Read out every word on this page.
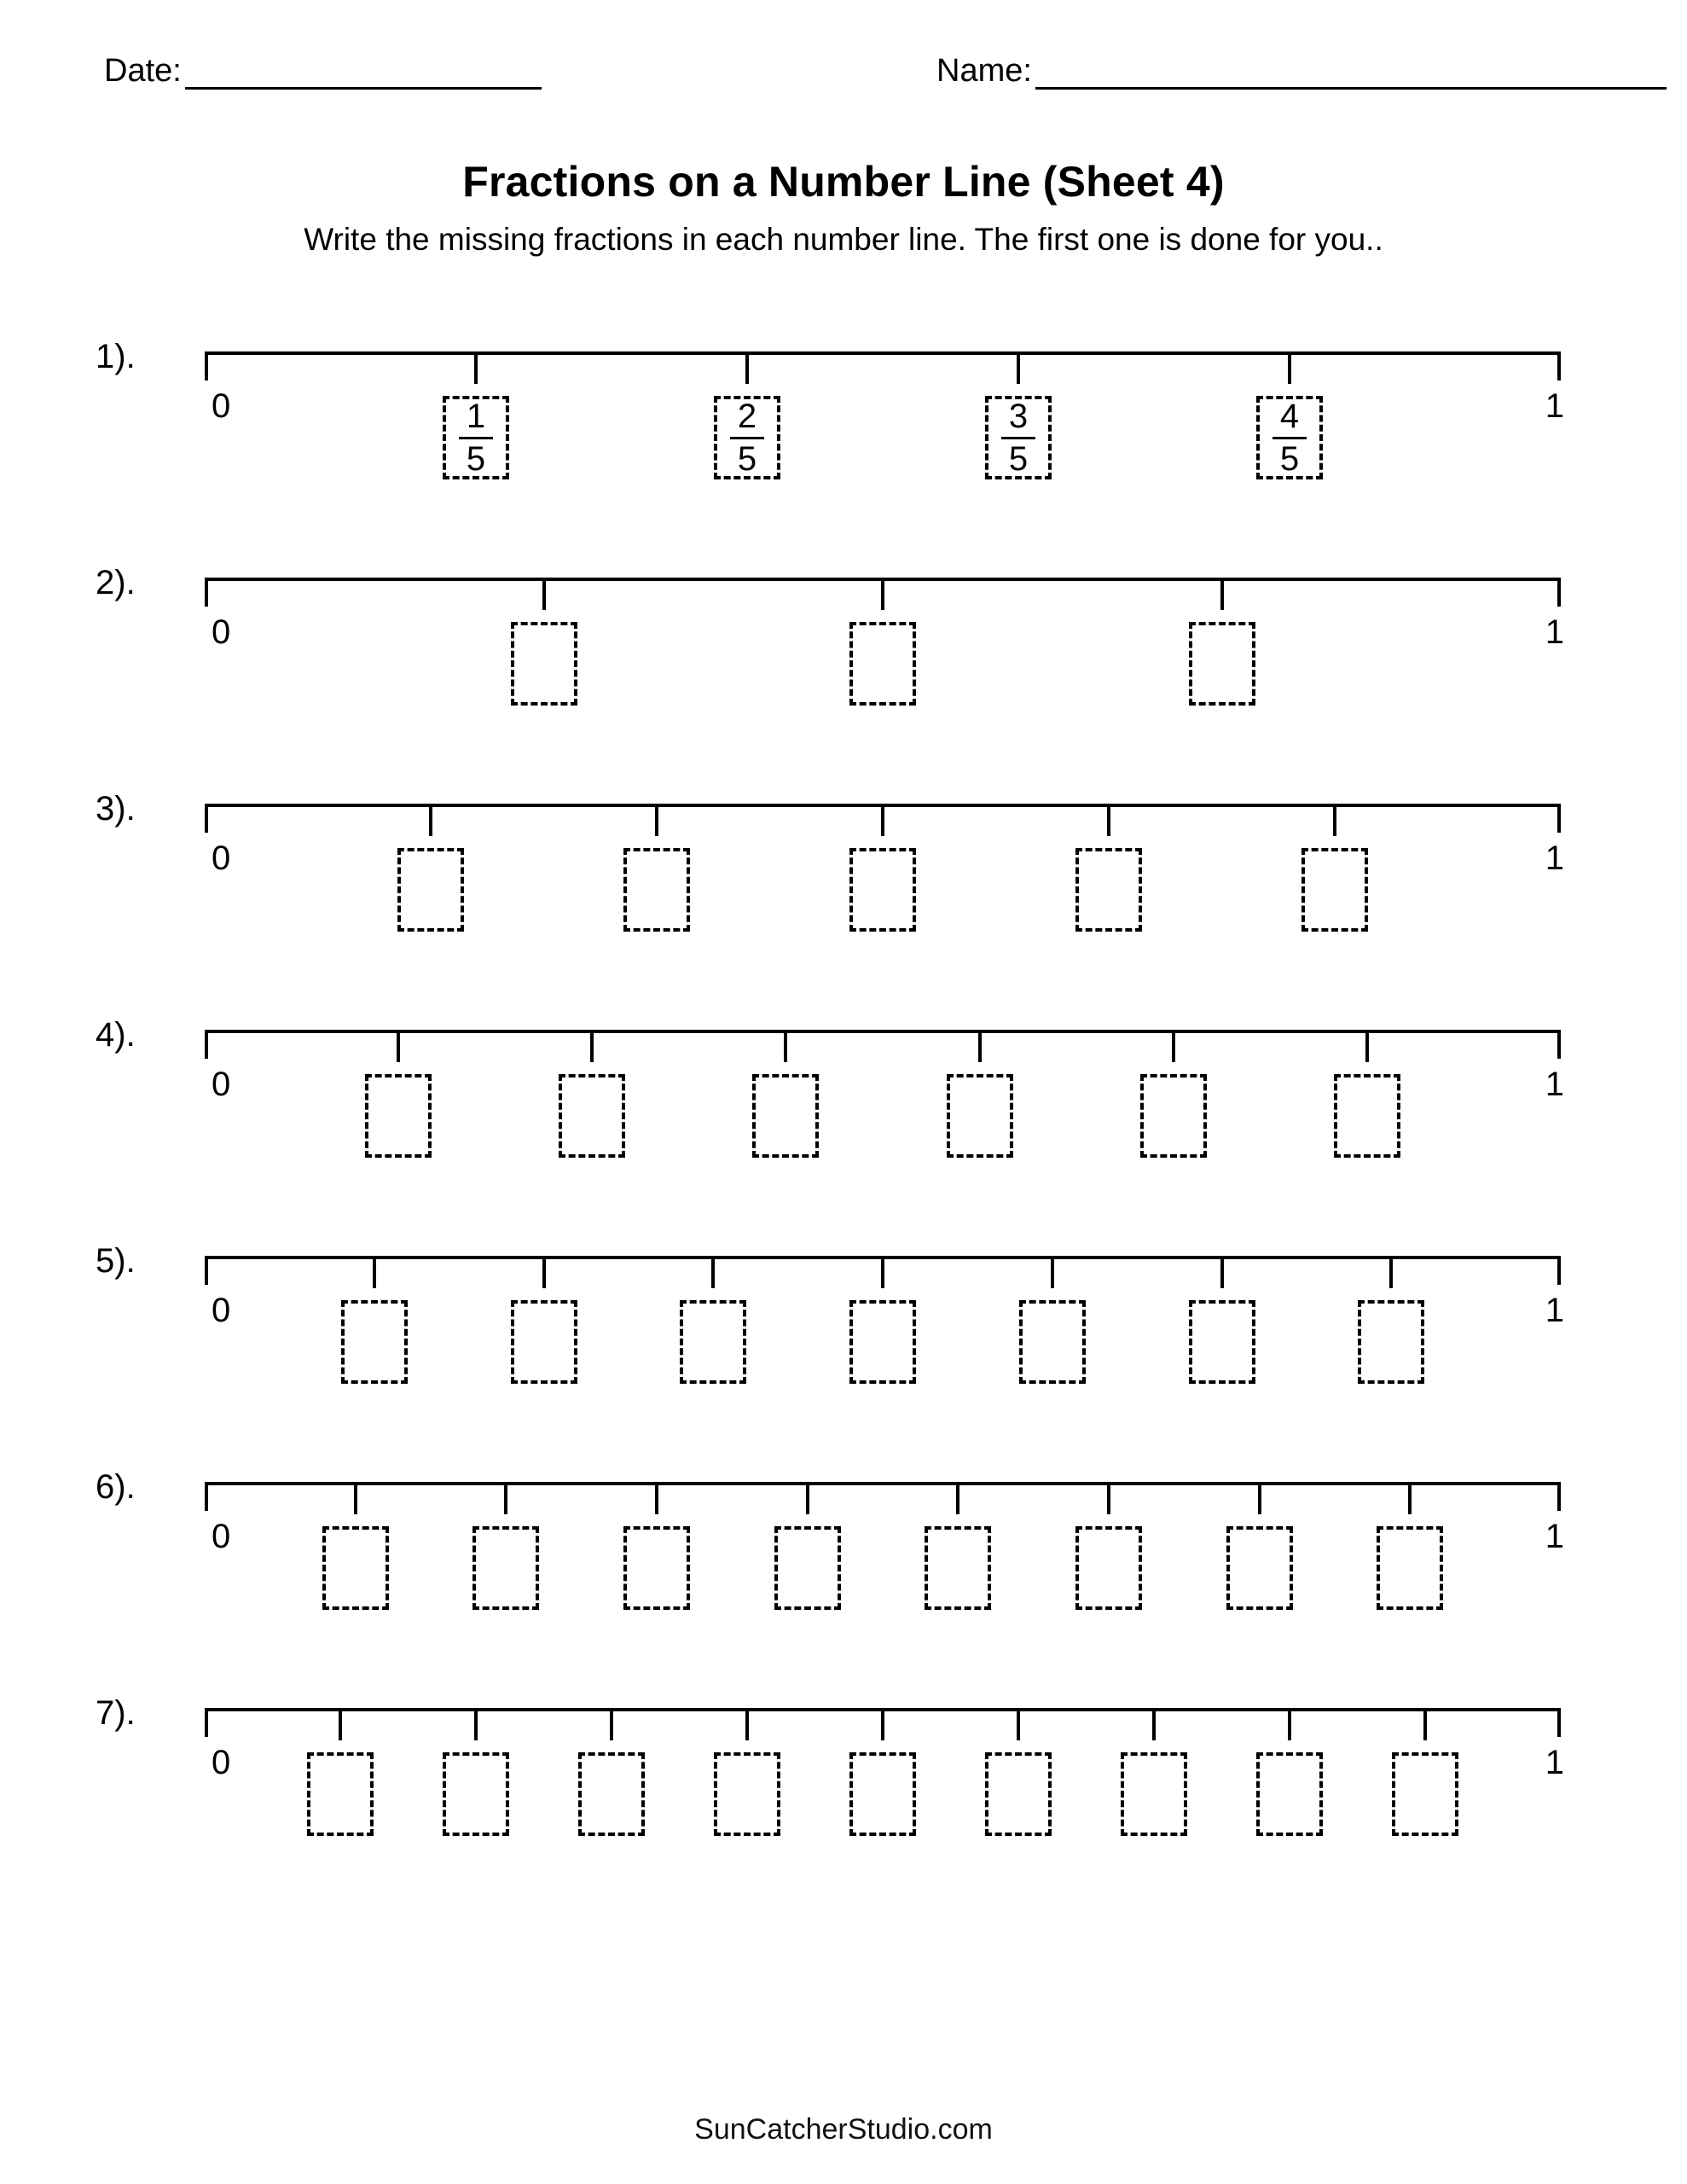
Date:	Name:
Fractions on a Number Line (Sheet 4)
Write the missing fractions in each number line. The first one is done for you..
1).
0	1
$\frac{1}{5}$	$\frac{2}{5}$	$\frac{3}{5}$	$\frac{4}{5}$
2).
0	1
3).
0	1
4).
0	1
5).
0	1
6).
0	1
7).
0	1
SunCatcherStudio.com
